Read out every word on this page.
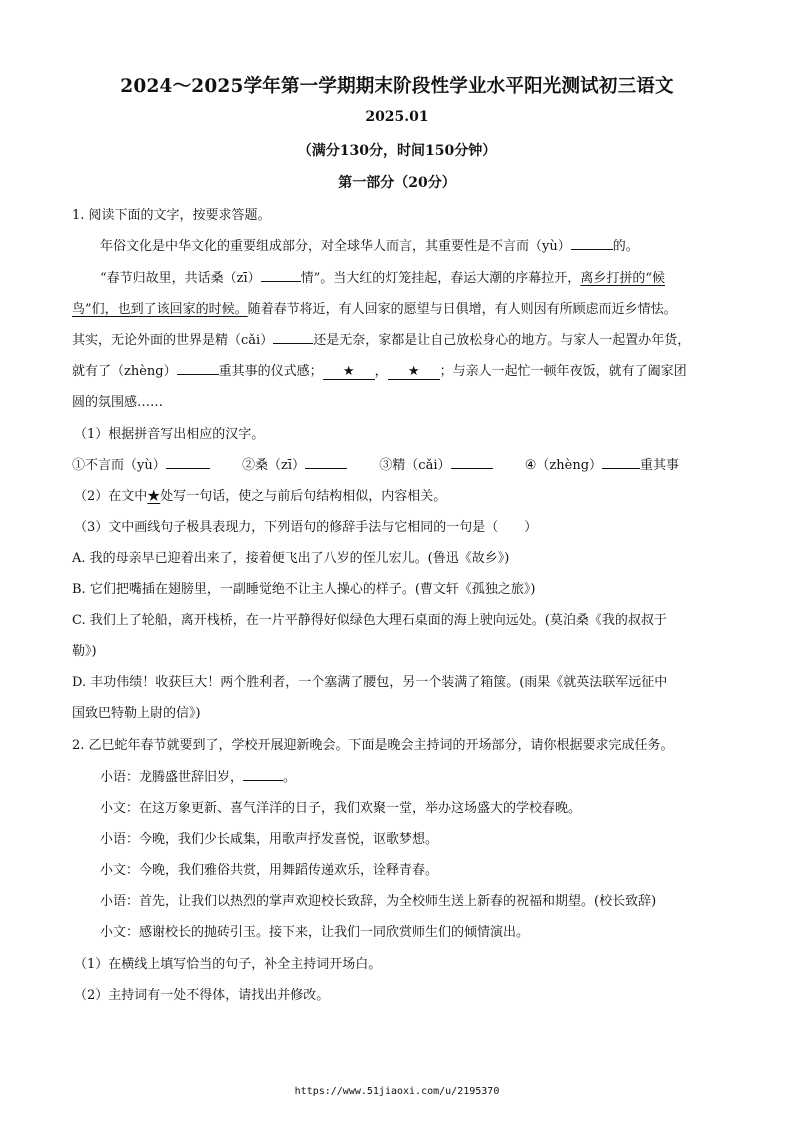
2024～2025学年第一学期期末阶段性学业水平阳光测试初三语文
2025.01
（满分130分，时间150分钟）
第一部分（20分）
1. 阅读下面的文字，按要求答题。
年俗文化是中华文化的重要组成部分，对全球华人而言，其重要性是不言而（yù）	的。
“春节归故里，共话桑（zī）	情”。当大红的灯笼挂起，春运大潮的序幕拉开，离乡打拼的“候
鸟”们，也到了该回家的时候。随着春节将近，有人回家的愿望与日俱增，有人则因有所顾虑而近乡情怯。
其实，无论外面的世界是精（cǎi）	还是无奈，家都是让自己放松身心的地方。与家人一起置办年货，
就有了（zhèng）	重其事的仪式感； ★ ， ★ ；与亲人一起忙一顿年夜饭，就有了阖家团
圆的氛围感……
（1）根据拼音写出相应的汉字。
①不言而（yù）	②桑（zī）	③精（cǎi）	④（zhèng）	重其事
（2）在文中★处写一句话，使之与前后句结构相似，内容相关。
（3）文中画线句子极具表现力，下列语句的修辞手法与它相同的一句是（　　）
A. 我的母亲早已迎着出来了，接着便飞出了八岁的侄儿宏儿。(鲁迅《故乡》)
B. 它们把嘴插在翅膀里，一副睡觉绝不让主人操心的样子。(曹文轩《孤独之旅》)
C. 我们上了轮船，离开栈桥，在一片平静得好似绿色大理石桌面的海上驶向远处。(莫泊桑《我的叔叔于
勒》)
D. 丰功伟绩！收获巨大！两个胜利者，一个塞满了腰包，另一个装满了箱箧。(雨果《就英法联军远征中
国致巴特勒上尉的信》)
2. 乙巳蛇年春节就要到了，学校开展迎新晚会。下面是晚会主持词的开场部分，请你根据要求完成任务。
小语：龙腾盛世辞旧岁，	。
小文：在这万象更新、喜气洋洋的日子，我们欢聚一堂，举办这场盛大的学校春晚。
小语：今晚，我们少长咸集，用歌声抒发喜悦，讴歌梦想。
小文：今晚，我们雅俗共赏，用舞蹈传递欢乐，诠释青春。
小语：首先，让我们以热烈的掌声欢迎校长致辞，为全校师生送上新春的祝福和期望。(校长致辞)
小文：感谢校长的抛砖引玉。接下来，让我们一同欣赏师生们的倾情演出。
（1）在横线上填写恰当的句子，补全主持词开场白。
（2）主持词有一处不得体，请找出并修改。
https://www.51jiaoxi.com/u/2195370
